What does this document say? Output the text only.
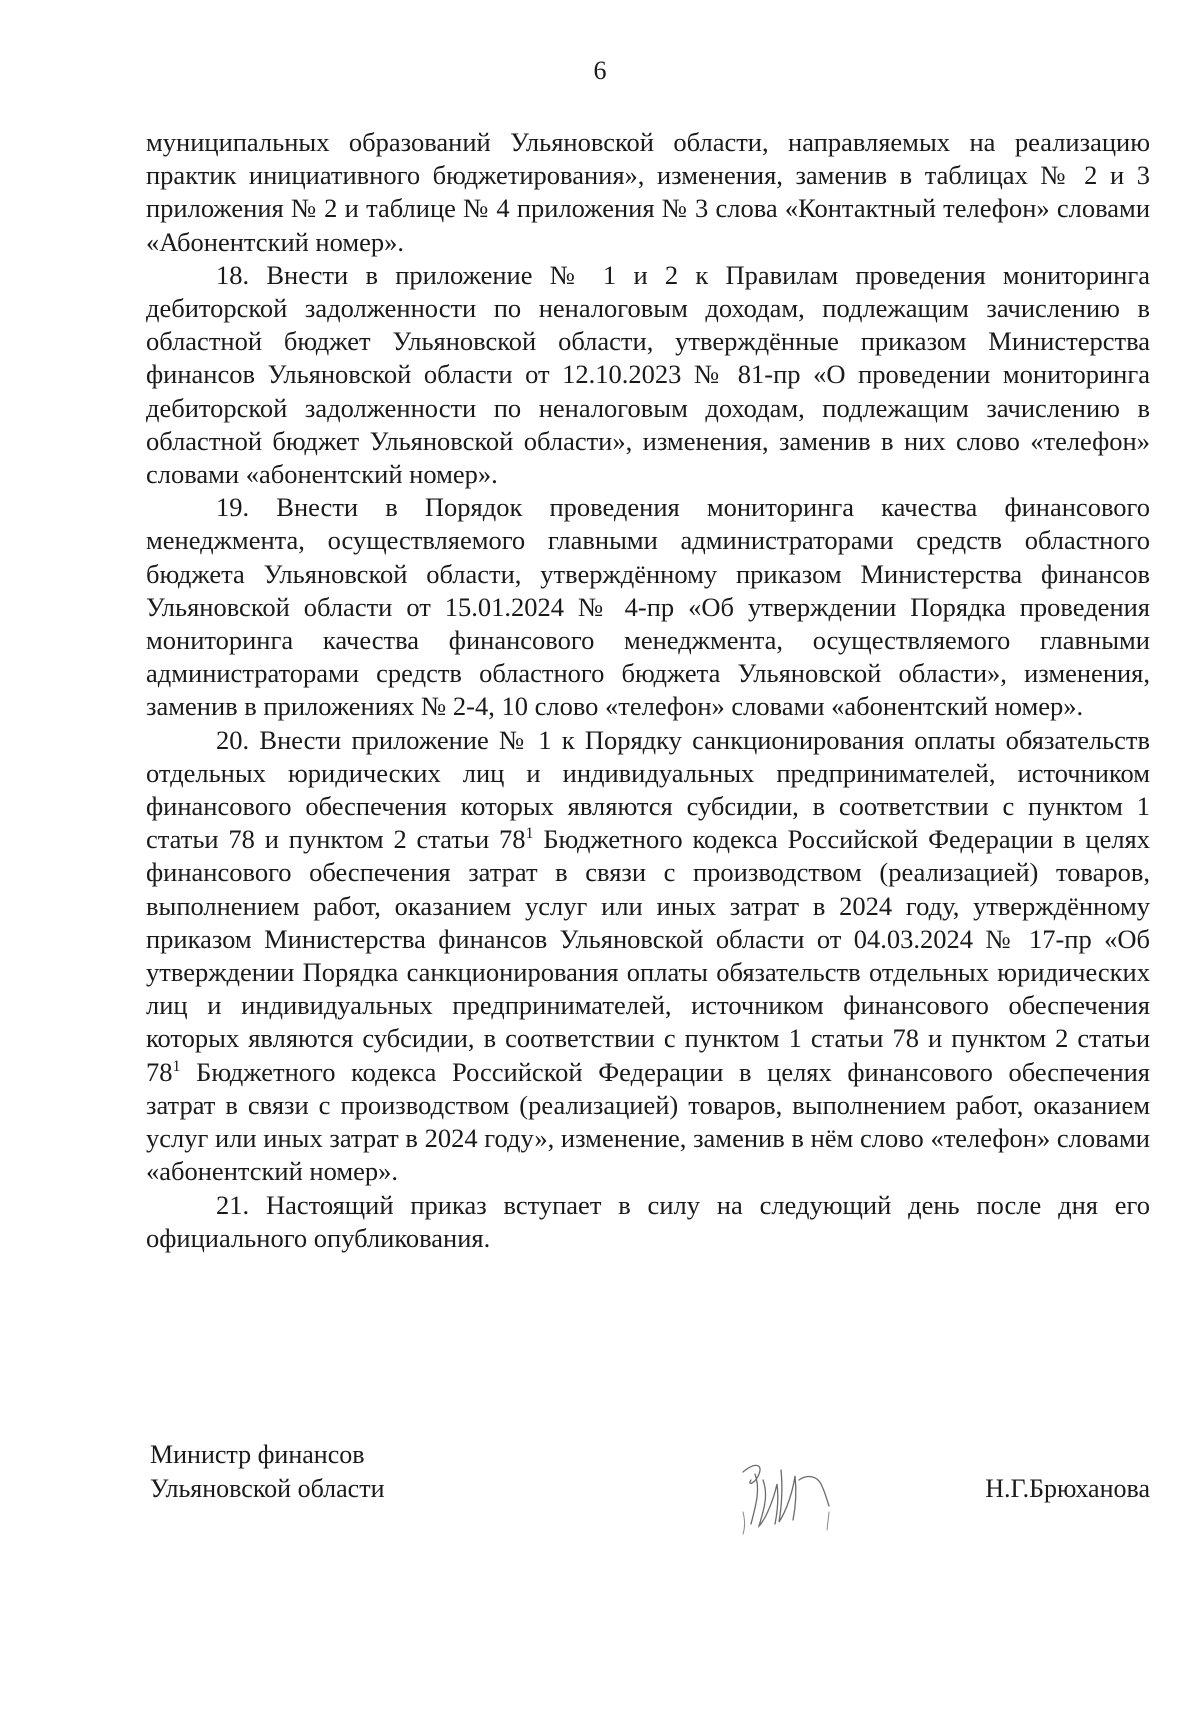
6

муниципальных образований Ульяновской области, направляемых на реализацию практик инициативного бюджетирования», изменения, заменив в таблицах № 2 и 3 приложения № 2 и таблице № 4 приложения № 3 слова «Контактный телефон» словами «Абонентский номер».

18. Внести в приложение № 1 и 2 к Правилам проведения мониторинга дебиторской задолженности по неналоговым доходам, подлежащим зачислению в областной бюджет Ульяновской области, утверждённые приказом Министерства финансов Ульяновской области от 12.10.2023 № 81-пр «О проведении мониторинга дебиторской задолженности по неналоговым доходам, подлежащим зачислению в областной бюджет Ульяновской области», изменения, заменив в них слово «телефон» словами «абонентский номер».

19. Внести в Порядок проведения мониторинга качества финансового менеджмента, осуществляемого главными администраторами средств областного бюджета Ульяновской области, утверждённому приказом Министерства финансов Ульяновской области от 15.01.2024 № 4-пр «Об утверждении Порядка проведения мониторинга качества финансового менеджмента, осуществляемого главными администраторами средств областного бюджета Ульяновской области», изменения, заменив в приложениях № 2-4, 10 слово «телефон» словами «абонентский номер».

20. Внести приложение № 1 к Порядку санкционирования оплаты обязательств отдельных юридических лиц и индивидуальных предпринимателей, источником финансового обеспечения которых являются субсидии, в соответствии с пунктом 1 статьи 78 и пунктом 2 статьи $78^1$ Бюджетного кодекса Российской Федерации в целях финансового обеспечения затрат в связи с производством (реализацией) товаров, выполнением работ, оказанием услуг или иных затрат в 2024 году, утверждённому приказом Министерства финансов Ульяновской области от 04.03.2024 № 17-пр «Об утверждении Порядка санкционирования оплаты обязательств отдельных юридических лиц и индивидуальных предпринимателей, источником финансового обеспечения которых являются субсидии, в соответствии с пунктом 1 статьи 78 и пунктом 2 статьи $78^1$ Бюджетного кодекса Российской Федерации в целях финансового обеспечения затрат в связи с производством (реализацией) товаров, выполнением работ, оказанием услуг или иных затрат в 2024 году», изменение, заменив в нём слово «телефон» словами «абонентский номер».

21. Настоящий приказ вступает в силу на следующий день после дня его официального опубликования.

Министр финансов
Ульяновской области	Н.Г.Брюханова
